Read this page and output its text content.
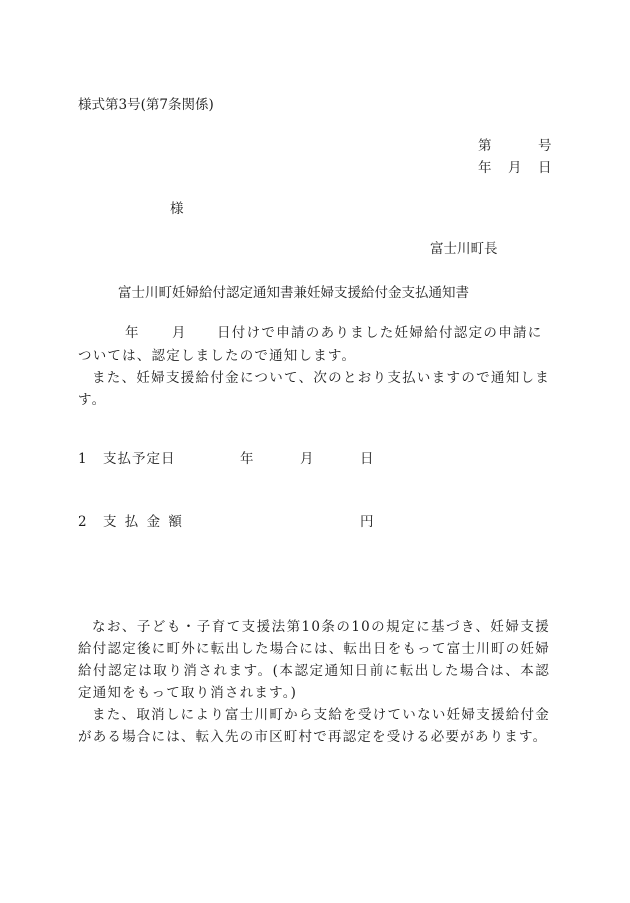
様式第3号(第7条関係)
第	号
年 月 日
様
富士川町長
富士川町妊婦給付認定通知書兼妊婦支援給付金支払通知書
年 月 日付けで申請のありました妊婦給付認定の申請に

ついては、認定しましたので通知します。

また、妊婦支援給付金について、次のとおり支払いますので通知します。

1 支払予定日	年	月	日
2 支 払 金 額	円

なお、子ども・子育て支援法第10条の10の規定に基づき、妊婦支援給付認定後に町外に転出した場合には、転出日をもって富士川町の妊婦給付認定は取り消されます。(本認定通知日前に転出した場合は、本認定通知をもって取り消されます。)

また、取消しにより富士川町から支給を受けていない妊婦支援給付金がある場合には、転入先の市区町村で再認定を受ける必要があります。
